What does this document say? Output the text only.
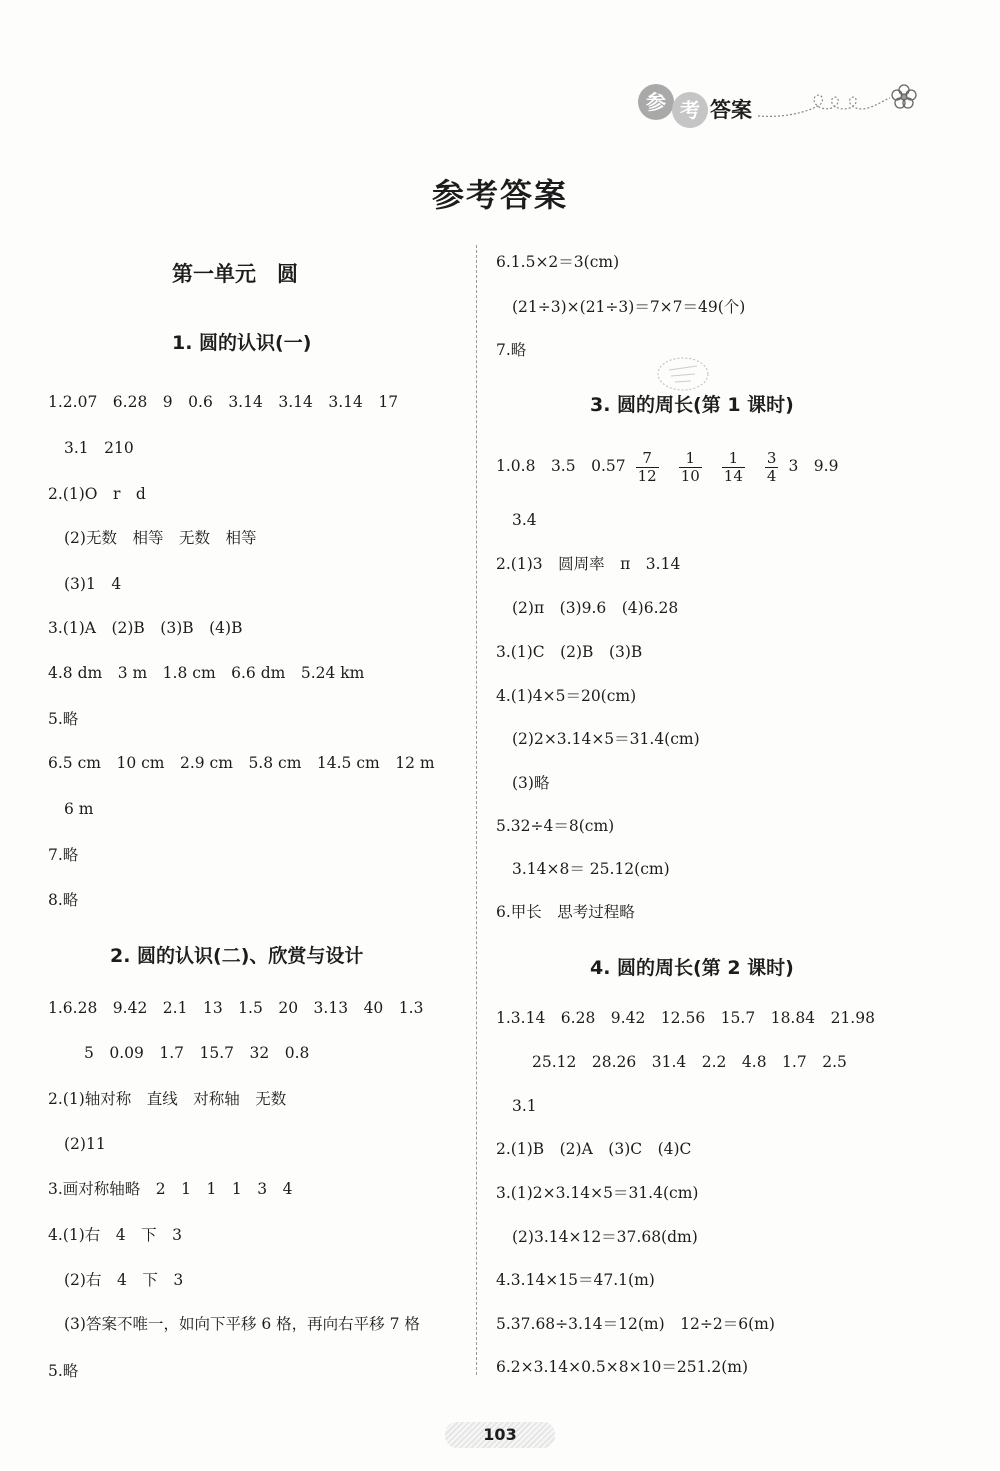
参 考 答案
参考答案
第一单元　圆
1. 圆的认识(一)
1.2.07　6.28　9　0.6　3.14　3.14　3.14　17
3.1　210
2.(1)O　r　d
(2)无数　相等　无数　相等
(3)1　4
3.(1)A　(2)B　(3)B　(4)B
4.8 dm　3 m　1.8 cm　6.6 dm　5.24 km
5.略
6.5 cm　10 cm　2.9 cm　5.8 cm　14.5 cm　12 m
6 m
7.略
8.略
2. 圆的认识(二)、欣赏与设计
1.6.28　9.42　2.1　13　1.5　20　3.13　40　1.3
5　0.09　1.7　15.7　32　0.8
2.(1)轴对称　直线　对称轴　无数
(2)11
3.画对称轴略　2　1　1　1　3　4
4.(1)右　4　下　3
(2)右　4　下　3
(3)答案不唯一，如向下平移 6 格，再向右平移 7 格
5.略
6.1.5×2＝3(cm)
(21÷3)×(21÷3)＝7×7＝49(个)
7.略
3. 圆的周长(第 1 课时)
1.0.8　3.5　$0.57 \frac{7}{12} \frac{1}{10} \frac{1}{14} \frac{3}{4} 3$　9.9
3.4
2.(1)3　圆周率　π　3.14
(2)π　(3)9.6　(4)6.28
3.(1)C　(2)B　(3)B
4.(1)4×5＝20(cm)
(2)2×3.14×5＝31.4(cm)
(3)略
5.32÷4＝8(cm)
3.14×8＝ 25.12(cm)
6.甲长　思考过程略
4. 圆的周长(第 2 课时)
1.3.14　6.28　9.42　12.56　15.7　18.84　21.98
25.12　28.26　31.4　2.2　4.8　1.7　2.5
3.1
2.(1)B　(2)A　(3)C　(4)C
3.(1)2×3.14×5＝31.4(cm)
(2)3.14×12＝37.68(dm)
4.3.14×15＝47.1(m)
5.37.68÷3.14＝12(m)　12÷2＝6(m)
6.2×3.14×0.5×8×10＝251.2(m)
103
